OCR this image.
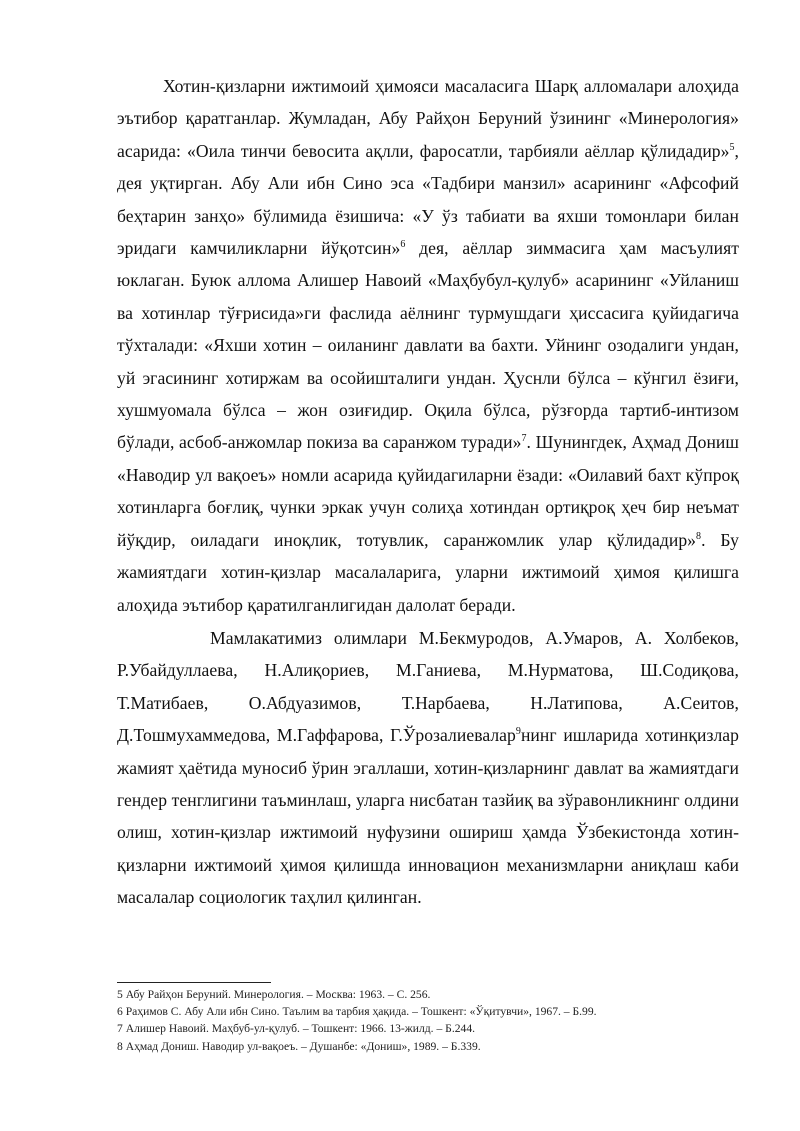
Хотин-қизларни ижтимоий ҳимояси масаласига Шарқ алломалари алоҳида эътибор қаратганлар. Жумладан, Абу Райҳон Беруний ўзининг «Минерология» асарида: «Оила тинчи бевосита ақлли, фаросатли, тарбияли аёллар қўлидадир»$^5$, дея уқтирган. Абу Али ибн Сино эса «Тадбири манзил» асарининг «Афсофий беҳтарин занҳо» бўлимида ёзишича: «У ўз табиати ва яхши томонлари билан эридаги камчиликларни йўқотсин»$^6$ дея, аёллар зиммасига ҳам масъулият юклаган. Буюк аллома Алишер Навоий «Маҳбубул-қулуб» асарининг «Уйланиш ва хотинлар тўғрисида»ги фаслида аёлнинг турмушдаги ҳиссасига қуйидагича тўхталади: «Яхши хотин – оиланинг давлати ва бахти. Уйнинг озодалиги ундан, уй эгасининг хотиржам ва осойишталиги ундан. Ҳуснли бўлса – кўнгил ёзиғи, хушмуомала бўлса – жон озиғидир. Оқила бўлса, рўзғорда тартиб-интизом бўлади, асбоб-анжомлар покиза ва саранжом туради»$^7$. Шунингдек, Аҳмад Дониш «Наводир ул вақоеъ» номли асарида қуйидагиларни ёзади: «Оилавий бахт кўпроқ хотинларга боғлиқ, чунки эркак учун солиҳа хотиндан ортиқроқ ҳеч бир неъмат йўқдир, оиладаги иноқлик, тотувлик, саранжомлик улар қўлидадир»$^8$. Бу жамиятдаги хотин-қизлар масалаларига, уларни ижтимоий ҳимоя қилишга алоҳида эътибор қаратилганлигидан далолат беради.

Мамлакатимиз олимлари М.Бекмуродов, А.Умаров, А. Холбеков, Р.Убайдуллаева, Н.Алиқориев, М.Ганиева, М.Нурматова, Ш.Содиқова, Т.Матибаев, О.Абдуазимов, Т.Нарбаева, Н.Латипова, А.Сеитов, Д.Тошмухаммедова, М.Гаффарова, Г.Ўрозалиевалар$^9$нинг ишларида хотинқизлар жамият ҳаётида муносиб ўрин эгаллаши, хотин-қизларнинг давлат ва жамиятдаги гендер тенглигини таъминлаш, уларга нисбатан тазйиқ ва зўравонликнинг олдини олиш, хотин-қизлар ижтимоий нуфузини ошириш ҳамда Ўзбекистонда хотин-қизларни ижтимоий ҳимоя қилишда инновацион механизмларни аниқлаш каби масалалар социологик таҳлил қилинган.

5 Абу Райҳон Беруний. Минерология. – Москва: 1963. – С. 256.
6 Раҳимов С. Абу Али ибн Сино. Таълим ва тарбия ҳақида. – Тошкент: «Ўқитувчи», 1967. – Б.99.
7 Алишер Навоий. Маҳбуб-ул-қулуб. – Тошкент: 1966. 13-жилд. – Б.244.
8 Аҳмад Дониш. Наводир ул-вақоеъ. – Душанбе: «Дониш», 1989. – Б.339.
